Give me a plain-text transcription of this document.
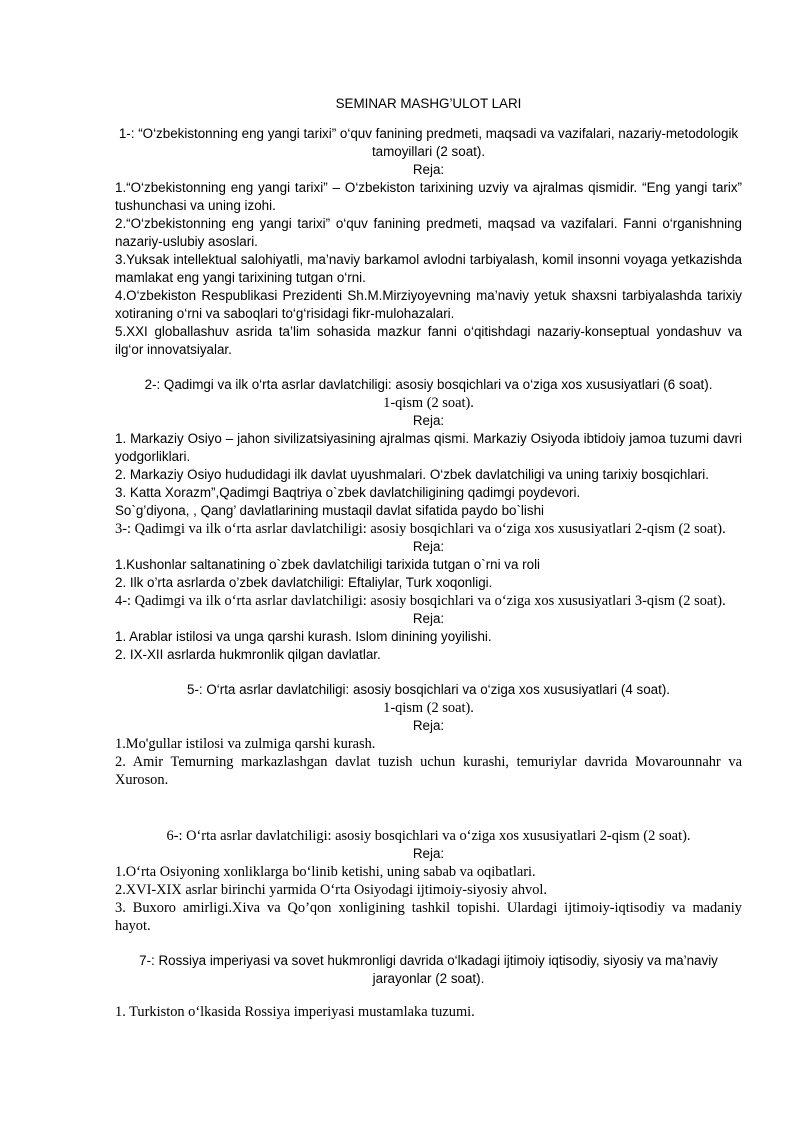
SEMINAR MASHG’ULOT LARI

1-: “O‘zbekistonning eng yangi tarixi” o‘quv fanining predmeti, maqsadi va vazifalari, nazariy-metodologik tamoyillari (2 soat).

Reja:

1.“O‘zbekistonning eng yangi tarixi” – O‘zbekiston tarixining uzviy va ajralmas qismidir. “Eng yangi tarix” tushunchasi va uning izohi.

2.“O‘zbekistonning eng yangi tarixi” o‘quv fanining predmeti, maqsad va vazifalari. Fanni o‘rganishning nazariy-uslubiy asoslari.

3.Yuksak intellektual salohiyatli, ma’naviy barkamol avlodni tarbiyalash, komil insonni voyaga yetkazishda mamlakat eng yangi tarixining tutgan o‘rni.

4.O‘zbekiston Respublikasi Prezidenti Sh.M.Mirziyoyevning ma’naviy yetuk shaxsni tarbiyalashda tarixiy xotiraning o‘rni va saboqlari to‘g‘risidagi fikr-mulohazalari.

5.XXI globallashuv asrida ta’lim sohasida mazkur fanni o‘qitishdagi nazariy-konseptual yondashuv va ilg‘or innovatsiyalar.

2-: Qadimgi va ilk o‘rta asrlar davlatchiligi: asosiy bosqichlari va o‘ziga xos xususiyatlari (6 soat).

1-qism (2 soat).

Reja:

1. Markaziy Osiyo – jahon sivilizatsiyasining ajralmas qismi. Markaziy Osiyoda ibtidoiy jamoa tuzumi davri yodgorliklari.

2. Markaziy Osiyo hududidagi ilk davlat uyushmalari. O‘zbek davlatchiligi va uning tarixiy bosqichlari.

3. Katta Xorazm”,Qadimgi Baqtriya o`zbek davlatchiligining qadimgi poydevori.

So`g’diyona, , Qang’ davlatlarining mustaqil davlat sifatida paydo bo`lishi

3-: Qadimgi va ilk o‘rta asrlar davlatchiligi: asosiy bosqichlari va o‘ziga xos xususiyatlari 2-qism (2 soat).

Reja:

1.Kushonlar saltanatining o`zbek davlatchiligi tarixida tutgan o`rni va roli

2. Ilk o’rta asrlarda o’zbek davlatchiligi: Eftaliylar, Turk xoqonligi.

4-: Qadimgi va ilk o‘rta asrlar davlatchiligi: asosiy bosqichlari va o‘ziga xos xususiyatlari 3-qism (2 soat).

Reja:

1. Arablar istilosi va unga qarshi kurash. Islom dinining yoyilishi.

2. IX-XII asrlarda hukmronlik qilgan davlatlar.

5-: O‘rta asrlar davlatchiligi: asosiy bosqichlari va o‘ziga xos xususiyatlari (4 soat).

1-qism (2 soat).

Reja:

1.Mo'gullar istilosi va zulmiga qarshi kurash.

2. Amir Temurning markazlashgan davlat tuzish uchun kurashi, temuriylar davrida Movarounnahr va Xuroson.

6-: O‘rta asrlar davlatchiligi: asosiy bosqichlari va o‘ziga xos xususiyatlari 2-qism (2 soat).

Reja:

1.O‘rta Osiyoning xonliklarga bo‘linib ketishi, uning sabab va oqibatlari.

2.XVI-XIX asrlar birinchi yarmida O‘rta Osiyodagi ijtimoiy-siyosiy ahvol.

3. Buxoro amirligi.Xiva va Qo’qon xonligining tashkil topishi. Ulardagi ijtimoiy-iqtisodiy va madaniy hayot.

7-: Rossiya imperiyasi va sovet hukmronligi davrida o‘lkadagi ijtimoiy iqtisodiy, siyosiy va ma’naviy jarayonlar (2 soat).

1. Turkiston o‘lkasida Rossiya imperiyasi mustamlaka tuzumi.
